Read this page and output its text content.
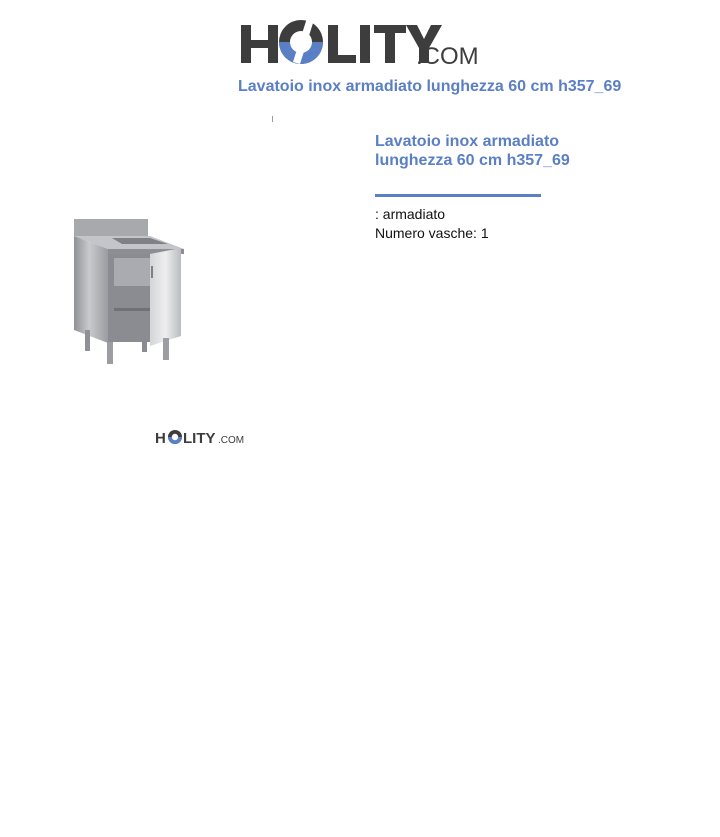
.COM
Lavatoio inox armadiato lunghezza 60 cm h357_69
H LITY .COM
Lavatoio inox armadiato lunghezza 60 cm h357_69
: armadiato
Numero vasche: 1
